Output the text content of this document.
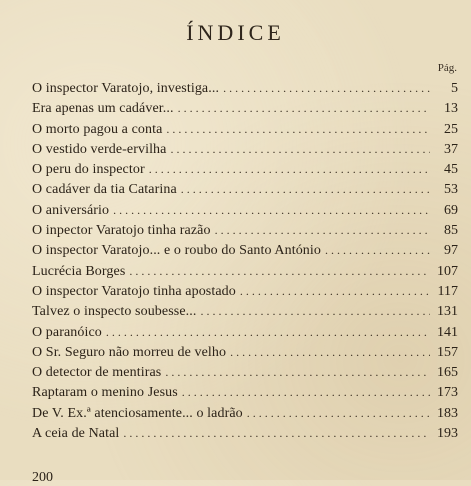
ÍNDICE
Pág.
O inspector Varatojo, investiga... . . .	5
Era apenas um cadáver... . . .	13
O morto pagou a conta . . .	25
O vestido verde-ervilha . . .	37
O peru do inspector . . .	45
O cadáver da tia Catarina . . .	53
O aniversário . . .	69
O inpector Varatojo tinha razão . . .	85
O inspector Varatojo... e o roubo do Santo António . . .	97
Lucrécia Borges . . .	107
O inspector Varatojo tinha apostado . . .	117
Talvez o inspecto soubesse... . . .	131
O paranóico . . .	141
O Sr. Seguro não morreu de velho . . .	157
O detector de mentiras . . .	165
Raptaram o menino Jesus . . .	173
De V. Ex.ª atenciosamente... o ladrão . . .	183
A ceia de Natal . . .	193
200
